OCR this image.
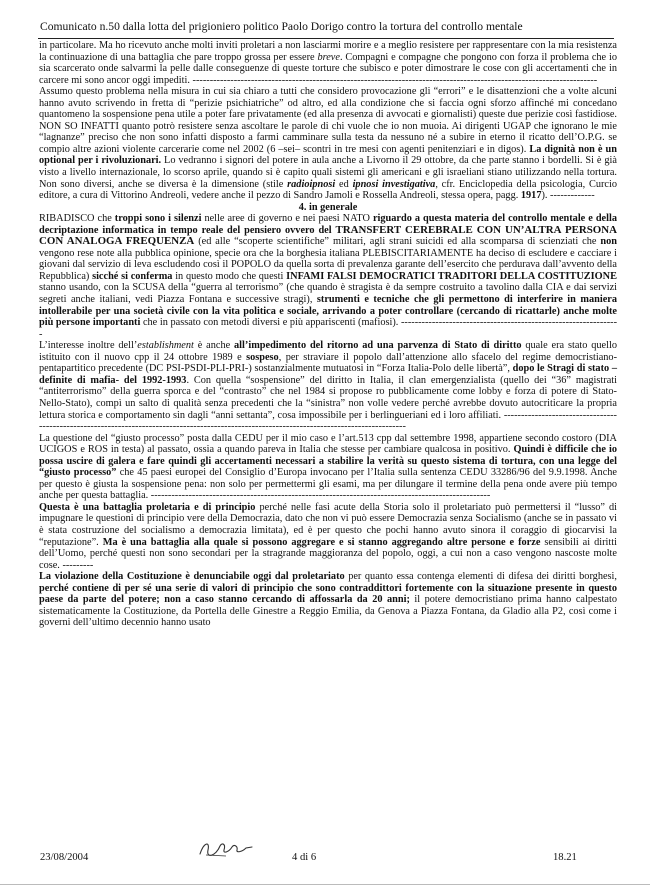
Comunicato n.50 dalla lotta del prigioniero politico Paolo Dorigo contro la tortura del controllo mentale

in particolare. Ma ho ricevuto anche molti inviti proletari a non lasciarmi morire e a meglio resistere per rappresentare con la mia resistenza la continuazione di una battaglia che pare troppo grossa per essere breve. Compagni e compagne che pongono con forza il problema che io sia scarcerato onde salvarmi la pelle dalle conseguenze di queste torture che subisco e poter dimostrare le cose con gli accertamenti che in carcere mi sono ancor oggi impediti. ----------------------------------------------------------------------------------------------------------------------

Assumo questo problema nella misura in cui sia chiaro a tutti che considero provocazione gli “errori” e le disattenzioni che a volte alcuni hanno avuto scrivendo in fretta di “perizie psichiatriche” od altro, ed alla condizione che si faccia ogni sforzo affinché mi concedano quantomeno la sospensione pena utile a poter fare privatamente (ed alla presenza di avvocati e giornalisti) queste due perizie così fastidiose. NON SO INFATTI quanto potrò resistere senza ascoltare le parole di chi vuole che io non muoia. Ai dirigenti UGAP che ignorano le mie “lagnanze” preciso che non sono infatti disposto a farmi camminare sulla testa da nessuno né a subire in eterno il ricatto dell’O.P.G. se compio altre azioni violente carcerarie come nel 2002 (6 –sei– scontri in tre mesi con agenti penitenziari e in digos). La dignità non è un optional per i rivoluzionari. Lo vedranno i signori del potere in aula anche a Livorno il 29 ottobre, da che parte stanno i bordelli. Si è già visto a livello internazionale, lo scorso aprile, quando si è capito quali sistemi gli americani e gli israeliani stiano utilizzando nella tortura. Non sono diversi, anche se diversa è la dimensione (stile radioipnosi ed ipnosi investigativa, cfr. Enciclopedia della psicologia, Curcio editore, a cura di Vittorino Andreoli, vedere anche il pezzo di Sandro Jamoli e Rossella Andreoli, stessa opera, pagg. 1917). -------------

4. in generale

RIBADISCO che troppi sono i silenzi nelle aree di governo e nei paesi NATO riguardo a questa materia del controllo mentale e della decriptazione informatica in tempo reale del pensiero ovvero del TRANSFERT CEREBRALE CON UN’ALTRA PERSONA CON ANALOGA FREQUENZA (ed alle “scoperte scientifiche” militari, agli strani suicidi ed alla scomparsa di scienziati che non vengono rese note alla pubblica opinione, specie ora che la borghesia italiana PLEBISCITARIAMENTE ha deciso di escludere e cacciare i giovani dal servizio di leva escludendo così il POPOLO da quella sorta di prevalenza garante dell’esercito che perdurava dall’avvento della Repubblica) sicché si conferma in questo modo che questi INFAMI FALSI DEMOCRATICI TRADITORI DELLA COSTITUZIONE stanno usando, con la SCUSA della “guerra al terrorismo” (che quando è stragista è da sempre costruito a tavolino dalla CIA e dai servizi segreti anche italiani, vedi Piazza Fontana e successive stragi), strumenti e tecniche che gli permettono di interferire in maniera intollerabile per una società civile con la vita politica e sociale, arrivando a poter controllare (cercando di ricattarle) anche molte più persone importanti che in passato con metodi diversi e più appariscenti (mafiosi). ----------------------------------------------------------------

L’interesse inoltre dell’establishment è anche all’impedimento del ritorno ad una parvenza di Stato di diritto quale era stato quello istituito con il nuovo cpp il 24 ottobre 1989 e sospeso, per straviare il popolo dall’attenzione allo sfacelo del regime democristiano-pentapartitico precedente (DC PSI-PSDI-PLI-PRI-) sostanzialmente mutuatosi in “Forza Italia-Polo delle libertà”, dopo le Stragi di stato –definite di mafia- del 1992-1993. Con quella “sospensione” del diritto in Italia, il clan emergenzialista (quello dei “36” magistrati “antiterrorismo” della guerra sporca e del “contrasto” che nel 1984 si propose ro pubblicamente come lobby e forza di potere di Stato-Nello-Stato), compì un salto di qualità senza precedenti che la “sinistra” non volle vedere perché avrebbe dovuto autocriticare la propria lettura storica e comportamento sin dagli “anni settanta”, cosa impossibile per i berlingueriani ed i loro affiliati. --------------------------------------------------------------------------------------------------------------------------------------------

La questione del “giusto processo” posta dalla CEDU per il mio caso e l’art.513 cpp dal settembre 1998, appartiene secondo costoro (DIA UCIGOS e ROS in testa) al passato, ossia a quando pareva in Italia che stesse per cambiare qualcosa in positivo. Quindi è difficile che io possa uscire di galera e fare quindi gli accertamenti necessari a stabilire la verità su questo sistema di tortura, con una legge del “giusto processo” che 45 paesi europei del Consiglio d’Europa invocano per l’Italia sulla sentenza CEDU 33286/96 del 9.9.1998. Anche per questo è giusta la sospensione pena: non solo per permettermi gli esami, ma per dilungare il termine della pena onde avere più tempo anche per questa battaglia. ---------------------------------------------------------------------------------------------------

Questa è una battaglia proletaria e di principio perché nelle fasi acute della Storia solo il proletariato può permettersi il “lusso” di impugnare le questioni di principio vere della Democrazia, dato che non vi può essere Democrazia senza Socialismo (anche se in passato vi è stata costruzione del socialismo a democrazia limitata), ed è per questo che pochi hanno avuto sinora il coraggio di giocarvisi la “reputazione”. Ma è una battaglia alla quale si possono aggregare e si stanno aggregando altre persone e forze sensibili ai diritti dell’Uomo, perché questi non sono secondari per la stragrande maggioranza del popolo, oggi, a cui non a caso vengono nascoste molte cose. ---------

La violazione della Costituzione è denunciabile oggi dal proletariato per quanto essa contenga elementi di difesa dei diritti borghesi, perché contiene di per sé una serie di valori di principio che sono contraddittori fortemente con la situazione presente in questo paese da parte del potere; non a caso stanno cercando di affossarla da 20 anni; il potere democristiano prima hanno calpestato sistematicamente la Costituzione, da Portella delle Ginestre a Reggio Emilia, da Genova a Piazza Fontana, da Gladio alla P2, così come i governi dell’ultimo decennio hanno usato

23/08/2004	4 di 6	18.21
